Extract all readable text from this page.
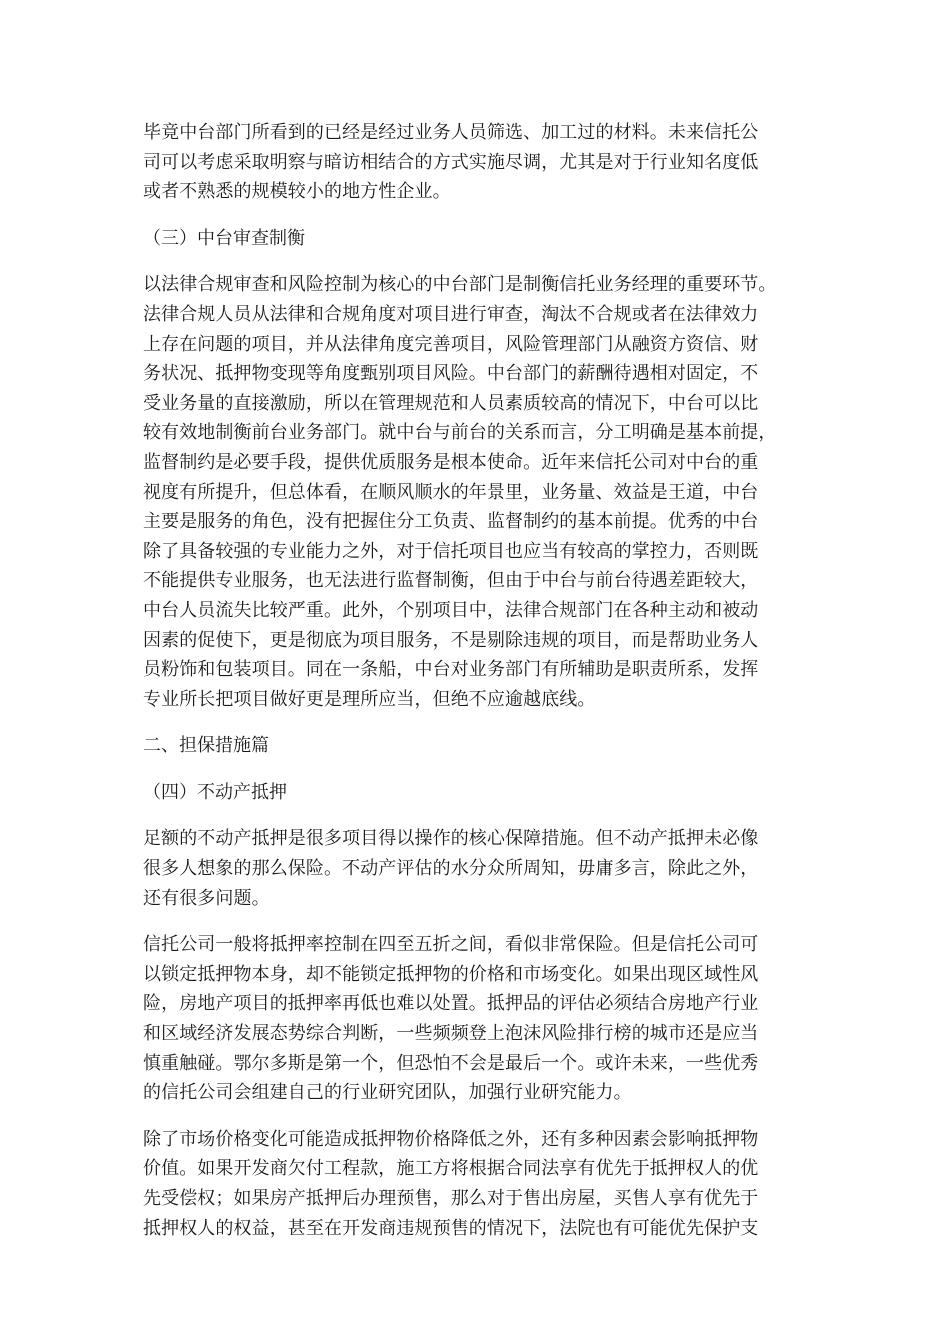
毕竟中台部门所看到的已经是经过业务人员筛选、加工过的材料。未来信托公
司可以考虑采取明察与暗访相结合的方式实施尽调，尤其是对于行业知名度低
或者不熟悉的规模较小的地方性企业。

（三）中台审查制衡

以法律合规审查和风险控制为核心的中台部门是制衡信托业务经理的重要环节。
法律合规人员从法律和合规角度对项目进行审查，淘汰不合规或者在法律效力
上存在问题的项目，并从法律角度完善项目，风险管理部门从融资方资信、财
务状况、抵押物变现等角度甄别项目风险。中台部门的薪酬待遇相对固定，不
受业务量的直接激励，所以在管理规范和人员素质较高的情况下，中台可以比
较有效地制衡前台业务部门。就中台与前台的关系而言，分工明确是基本前提，
监督制约是必要手段，提供优质服务是根本使命。近年来信托公司对中台的重
视度有所提升，但总体看，在顺风顺水的年景里，业务量、效益是王道，中台
主要是服务的角色，没有把握住分工负责、监督制约的基本前提。优秀的中台
除了具备较强的专业能力之外，对于信托项目也应当有较高的掌控力，否则既
不能提供专业服务，也无法进行监督制衡，但由于中台与前台待遇差距较大，
中台人员流失比较严重。此外，个别项目中，法律合规部门在各种主动和被动
因素的促使下，更是彻底为项目服务，不是剔除违规的项目，而是帮助业务人
员粉饰和包装项目。同在一条船，中台对业务部门有所辅助是职责所系，发挥
专业所长把项目做好更是理所应当，但绝不应逾越底线。

二、担保措施篇

（四）不动产抵押

足额的不动产抵押是很多项目得以操作的核心保障措施。但不动产抵押未必像
很多人想象的那么保险。不动产评估的水分众所周知，毋庸多言，除此之外，
还有很多问题。

信托公司一般将抵押率控制在四至五折之间，看似非常保险。但是信托公司可
以锁定抵押物本身，却不能锁定抵押物的价格和市场变化。如果出现区域性风
险，房地产项目的抵押率再低也难以处置。抵押品的评估必须结合房地产行业
和区域经济发展态势综合判断，一些频频登上泡沫风险排行榜的城市还是应当
慎重触碰。鄂尔多斯是第一个，但恐怕不会是最后一个。或许未来，一些优秀
的信托公司会组建自己的行业研究团队，加强行业研究能力。

除了市场价格变化可能造成抵押物价格降低之外，还有多种因素会影响抵押物
价值。如果开发商欠付工程款，施工方将根据合同法享有优先于抵押权人的优
先受偿权；如果房产抵押后办理预售，那么对于售出房屋，买售人享有优先于
抵押权人的权益，甚至在开发商违规预售的情况下，法院也有可能优先保护支
